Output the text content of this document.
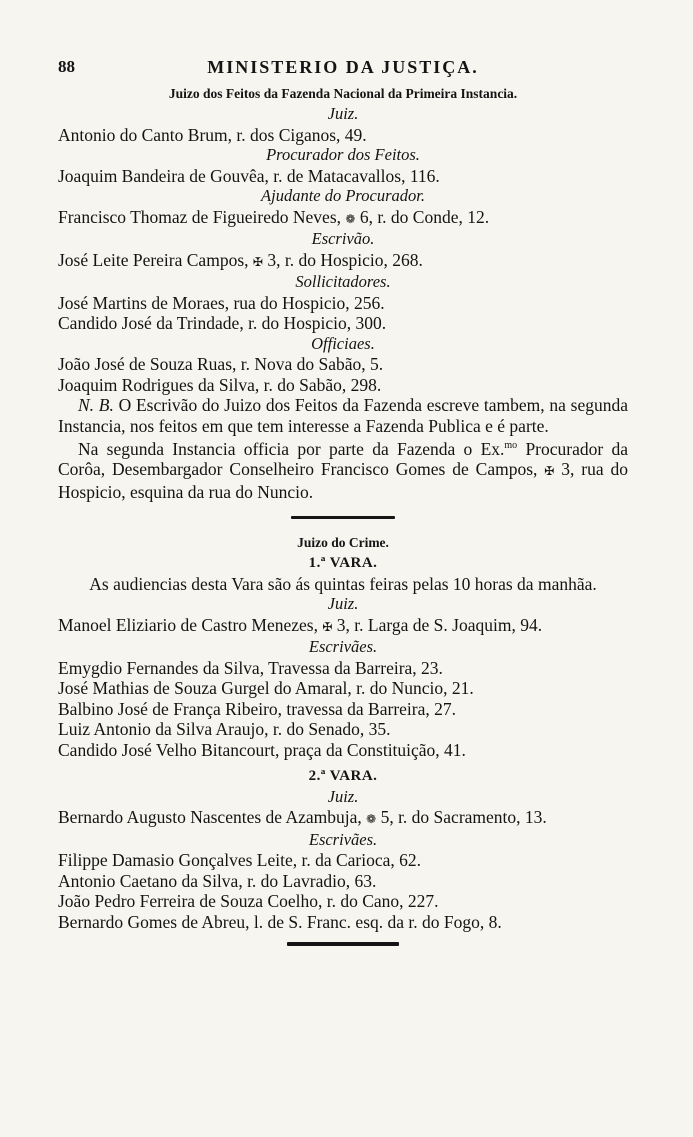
88	MINISTERIO DA JUSTIÇA.
Juizo dos Feitos da Fazenda Nacional da Primeira Instancia.
Juiz.
Antonio do Canto Brum, r. dos Ciganos, 49.
Procurador dos Feitos.
Joaquim Bandeira de Gouvêa, r. de Matacavallos, 116.
Ajudante do Procurador.
Francisco Thomaz de Figueiredo Neves, ❁ 6, r. do Conde, 12.
Escrivão.
José Leite Pereira Campos, ✠ 3, r. do Hospicio, 268.
Sollicitadores.
José Martins de Moraes, rua do Hospicio, 256.
Candido José da Trindade, r. do Hospicio, 300.
Officiaes.
João José de Souza Ruas, r. Nova do Sabão, 5.
Joaquim Rodrigues da Silva, r. do Sabão, 298.
N. B. O Escrivão do Juizo dos Feitos da Fazenda escreve tambem, na segunda Instancia, nos feitos em que tem interesse a Fazenda Publica e é parte.
Na segunda Instancia officia por parte da Fazenda o Ex.$^{mo}$ Procurador da Corôa, Desembargador Conselheiro Francisco Gomes de Campos, ✠ 3, rua do Hospicio, esquina da rua do Nuncio.
Juizo do Crime.
1.ª VARA.
As audiencias desta Vara são ás quintas feiras pelas 10 horas da manhãa.
Juiz.
Manoel Eliziario de Castro Menezes, ✠ 3, r. Larga de S. Joaquim, 94.
Escrivães.
Emygdio Fernandes da Silva, Travessa da Barreira, 23.
José Mathias de Souza Gurgel do Amaral, r. do Nuncio, 21.
Balbino José de França Ribeiro, travessa da Barreira, 27.
Luiz Antonio da Silva Araujo, r. do Senado, 35.
Candido José Velho Bitancourt, praça da Constituição, 41.
2.ª VARA.
Juiz.
Bernardo Augusto Nascentes de Azambuja, ❁ 5, r. do Sacramento, 13.
Escrivães.
Filippe Damasio Gonçalves Leite, r. da Carioca, 62.
Antonio Caetano da Silva, r. do Lavradio, 63.
João Pedro Ferreira de Souza Coelho, r. do Cano, 227.
Bernardo Gomes de Abreu, l. de S. Franc. esq. da r. do Fogo, 8.
